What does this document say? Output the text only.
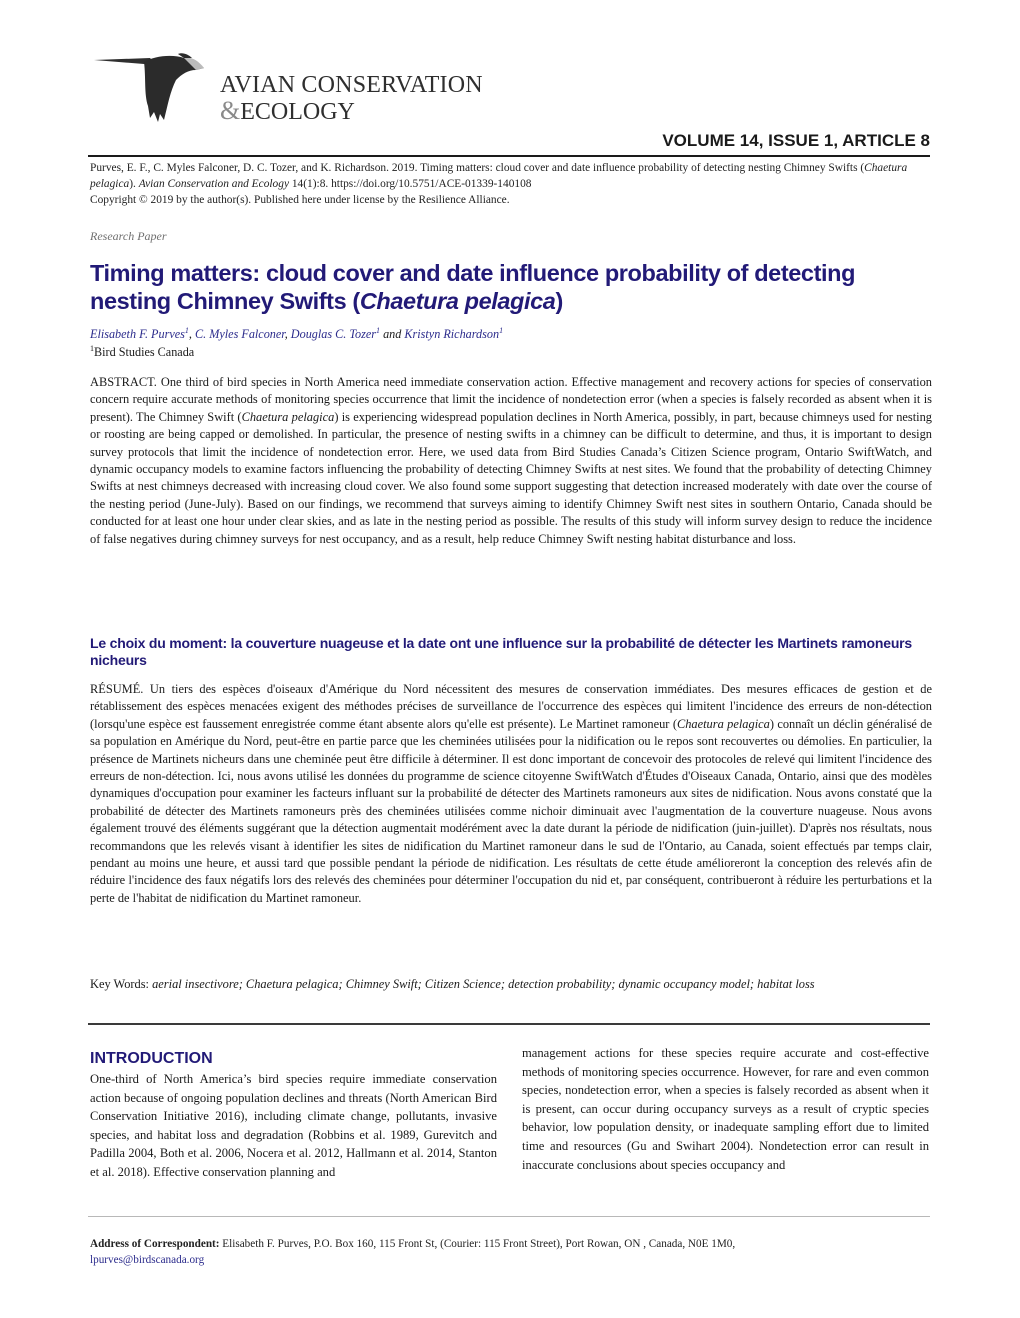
AVIAN CONSERVATION
&ECOLOGY
VOLUME 14, ISSUE 1, ARTICLE 8
Purves, E. F., C. Myles Falconer, D. C. Tozer, and K. Richardson. 2019. Timing matters: cloud cover and date influence probability of detecting nesting Chimney Swifts (Chaetura pelagica). Avian Conservation and Ecology 14(1):8. https://doi.org/10.5751/ACE-01339-140108
Copyright © 2019 by the author(s). Published here under license by the Resilience Alliance.
Research Paper
Timing matters: cloud cover and date influence probability of detecting nesting Chimney Swifts (Chaetura pelagica)
Elisabeth F. Purves$^1$, C. Myles Falconer, Douglas C. Tozer$^1$ and Kristyn Richardson$^1$
$^1$Bird Studies Canada
ABSTRACT. One third of bird species in North America need immediate conservation action. Effective management and recovery actions for species of conservation concern require accurate methods of monitoring species occurrence that limit the incidence of nondetection error (when a species is falsely recorded as absent when it is present). The Chimney Swift (Chaetura pelagica) is experiencing widespread population declines in North America, possibly, in part, because chimneys used for nesting or roosting are being capped or demolished. In particular, the presence of nesting swifts in a chimney can be difficult to determine, and thus, it is important to design survey protocols that limit the incidence of nondetection error. Here, we used data from Bird Studies Canada’s Citizen Science program, Ontario SwiftWatch, and dynamic occupancy models to examine factors influencing the probability of detecting Chimney Swifts at nest sites. We found that the probability of detecting Chimney Swifts at nest chimneys decreased with increasing cloud cover. We also found some support suggesting that detection increased moderately with date over the course of the nesting period (June-July). Based on our findings, we recommend that surveys aiming to identify Chimney Swift nest sites in southern Ontario, Canada should be conducted for at least one hour under clear skies, and as late in the nesting period as possible. The results of this study will inform survey design to reduce the incidence of false negatives during chimney surveys for nest occupancy, and as a result, help reduce Chimney Swift nesting habitat disturbance and loss.
Le choix du moment: la couverture nuageuse et la date ont une influence sur la probabilité de détecter les Martinets ramoneurs nicheurs
RÉSUMÉ. Un tiers des espèces d'oiseaux d'Amérique du Nord nécessitent des mesures de conservation immédiates. Des mesures efficaces de gestion et de rétablissement des espèces menacées exigent des méthodes précises de surveillance de l'occurrence des espèces qui limitent l'incidence des erreurs de non-détection (lorsqu'une espèce est faussement enregistrée comme étant absente alors qu'elle est présente). Le Martinet ramoneur (Chaetura pelagica) connaît un déclin généralisé de sa population en Amérique du Nord, peut-être en partie parce que les cheminées utilisées pour la nidification ou le repos sont recouvertes ou démolies. En particulier, la présence de Martinets nicheurs dans une cheminée peut être difficile à déterminer. Il est donc important de concevoir des protocoles de relevé qui limitent l'incidence des erreurs de non-détection. Ici, nous avons utilisé les données du programme de science citoyenne SwiftWatch d'Études d'Oiseaux Canada, Ontario, ainsi que des modèles dynamiques d'occupation pour examiner les facteurs influant sur la probabilité de détecter des Martinets ramoneurs aux sites de nidification. Nous avons constaté que la probabilité de détecter des Martinets ramoneurs près des cheminées utilisées comme nichoir diminuait avec l'augmentation de la couverture nuageuse. Nous avons également trouvé des éléments suggérant que la détection augmentait modérément avec la date durant la période de nidification (juin-juillet). D'après nos résultats, nous recommandons que les relevés visant à identifier les sites de nidification du Martinet ramoneur dans le sud de l'Ontario, au Canada, soient effectués par temps clair, pendant au moins une heure, et aussi tard que possible pendant la période de nidification. Les résultats de cette étude amélioreront la conception des relevés afin de réduire l'incidence des faux négatifs lors des relevés des cheminées pour déterminer l'occupation du nid et, par conséquent, contribueront à réduire les perturbations et la perte de l'habitat de nidification du Martinet ramoneur.
Key Words: aerial insectivore; Chaetura pelagica; Chimney Swift; Citizen Science; detection probability; dynamic occupancy model; habitat loss
INTRODUCTION
One-third of North America’s bird species require immediate conservation action because of ongoing population declines and threats (North American Bird Conservation Initiative 2016), including climate change, pollutants, invasive species, and habitat loss and degradation (Robbins et al. 1989, Gurevitch and Padilla 2004, Both et al. 2006, Nocera et al. 2012, Hallmann et al. 2014, Stanton et al. 2018). Effective conservation planning and
management actions for these species require accurate and cost-effective methods of monitoring species occurrence. However, for rare and even common species, nondetection error, when a species is falsely recorded as absent when it is present, can occur during occupancy surveys as a result of cryptic species behavior, low population density, or inadequate sampling effort due to limited time and resources (Gu and Swihart 2004). Nondetection error can result in inaccurate conclusions about species occupancy and
Address of Correspondent: Elisabeth F. Purves, P.O. Box 160, 115 Front St, (Courier: 115 Front Street), Port Rowan, ON , Canada, N0E 1M0,
lpurves@birdscanada.org
